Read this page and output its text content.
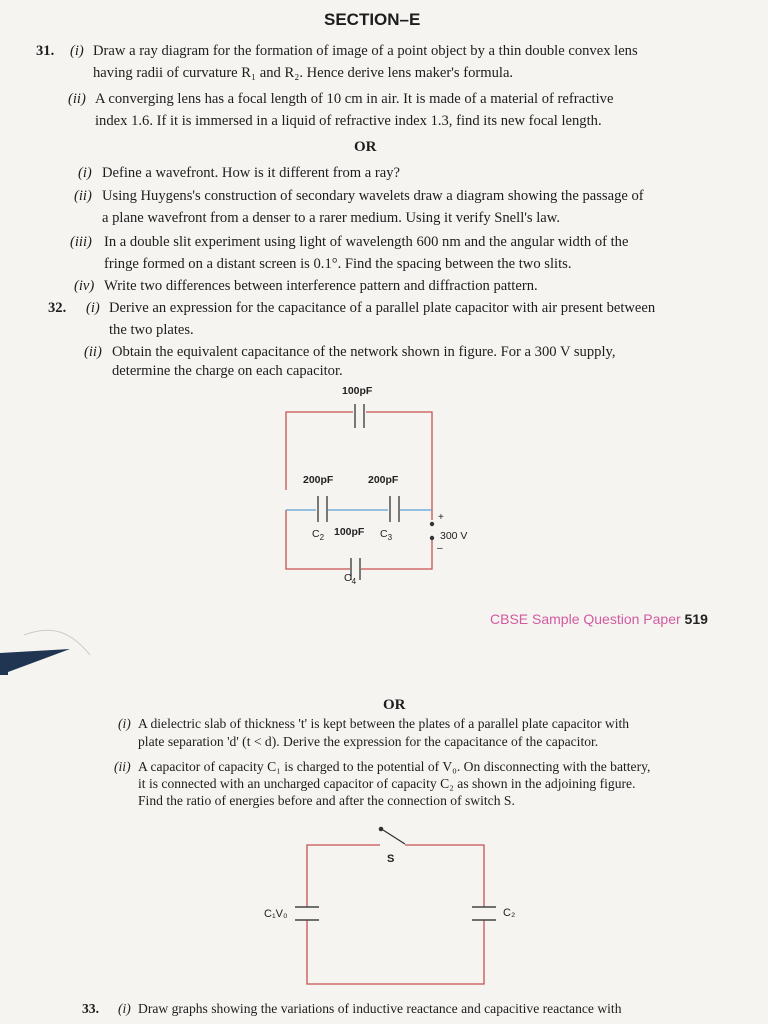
SECTION–E
31. (i) Draw a ray diagram for the formation of image of a point object by a thin double convex lens
having radii of curvature R₁ and R₂. Hence derive lens maker's formula.
(ii) A converging lens has a focal length of 10 cm in air. It is made of a material of refractive
index 1.6. If it is immersed in a liquid of refractive index 1.3, find its new focal length.
OR
(i) Define a wavefront. How is it different from a ray?
(ii) Using Huygens's construction of secondary wavelets draw a diagram showing the passage of
a plane wavefront from a denser to a rarer medium. Using it verify Snell's law.
(iii) In a double slit experiment using light of wavelength 600 nm and the angular width of the
fringe formed on a distant screen is 0.1°. Find the spacing between the two slits.
(iv) Write two differences between interference pattern and diffraction pattern.
32. (i) Derive an expression for the capacitance of a parallel plate capacitor with air present between
the two plates.
(ii) Obtain the equivalent capacitance of the network shown in figure. For a 300 V supply,
determine the charge on each capacitor.
100pF
200pF	200pF
$C_2$ 100pF $C_3$
$C_4$
300 V
+
–
CBSE Sample Question Paper 519
OR
(i) A dielectric slab of thickness 't' is kept between the plates of a parallel plate capacitor with
plate separation 'd' (t < d). Derive the expression for the capacitance of the capacitor.
(ii) A capacitor of capacity C₁ is charged to the potential of V₀. On disconnecting with the battery,
it is connected with an uncharged capacitor of capacity C₂ as shown in the adjoining figure.
Find the ratio of energies before and after the connection of switch S.
S
C₁V₀	C₂
33. (i) Draw graphs showing the variations of inductive reactance and capacitive reactance with
